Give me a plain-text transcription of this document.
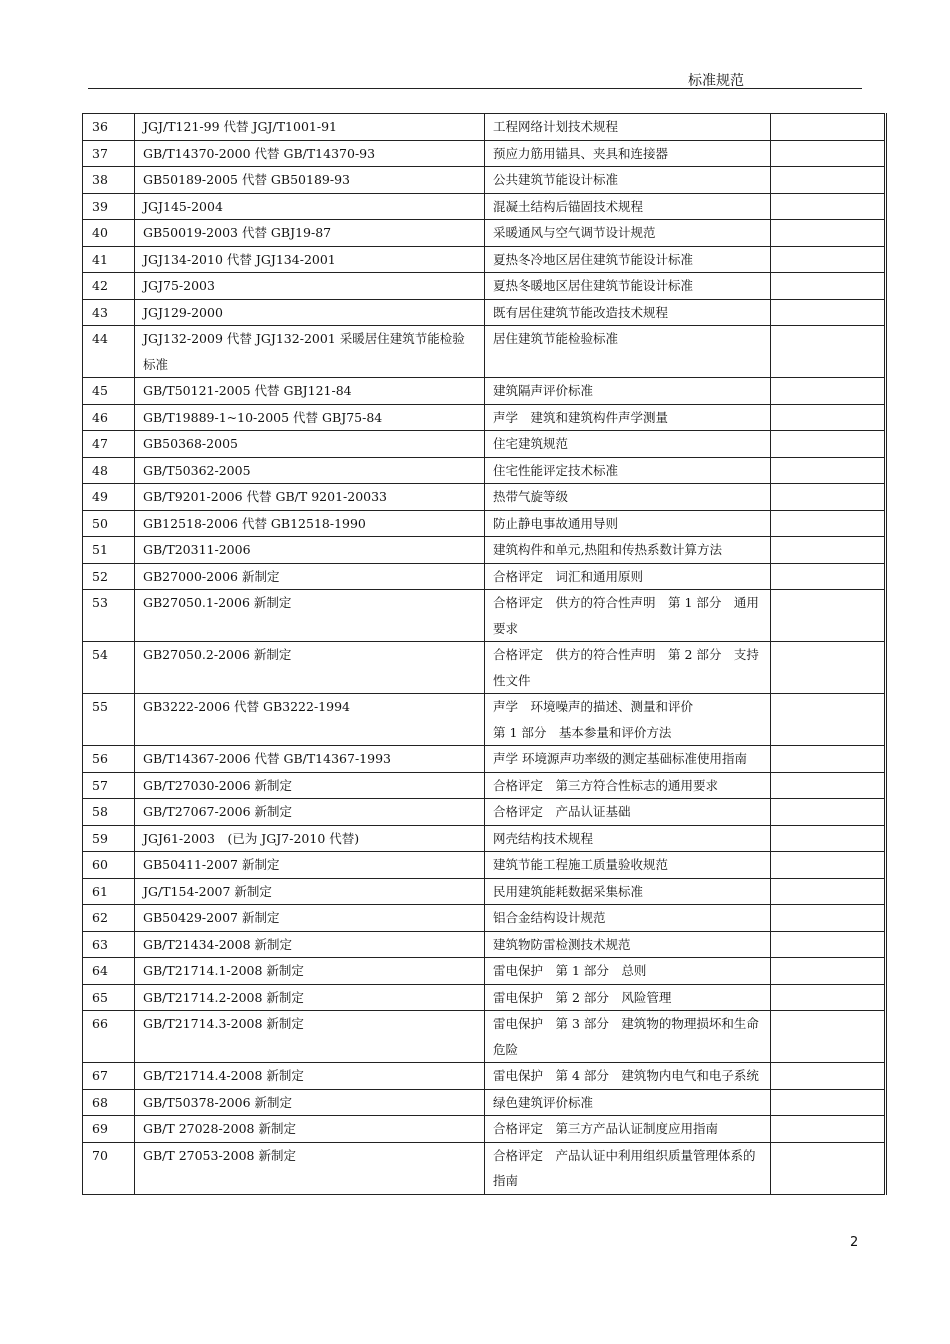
标准规范
36	JGJ/T121-99 代替 JGJ/T1001-91	工程网络计划技术规程	

37	GB/T14370-2000 代替 GB/T14370-93	预应力筋用锚具、夹具和连接器	

38	GB50189-2005 代替 GB50189-93	公共建筑节能设计标准	

39	JGJ145-2004	混凝土结构后锚固技术规程	

40	GB50019-2003 代替 GBJ19-87	采暖通风与空气调节设计规范	

41	JGJ134-2010 代替 JGJ134-2001	夏热冬冷地区居住建筑节能设计标准	

42	JGJ75-2003	夏热冬暖地区居住建筑节能设计标准	

43	JGJ129-2000	既有居住建筑节能改造技术规程	

44	JGJ132-2009 代替 JGJ132-2001 采暖居住建筑节能检验标准	居住建筑节能检验标准	

45	GB/T50121-2005 代替 GBJ121-84	建筑隔声评价标准	

46	GB/T19889-1~10-2005 代替 GBJ75-84	声学　建筑和建筑构件声学测量	

47	GB50368-2005	住宅建筑规范	

48	GB/T50362-2005	住宅性能评定技术标准	

49	GB/T9201-2006 代替 GB/T 9201-20033	热带气旋等级	

50	GB12518-2006 代替 GB12518-1990	防止静电事故通用导则	

51	GB/T20311-2006	建筑构件和单元,热阻和传热系数计算方法	

52	GB27000-2006 新制定	合格评定　词汇和通用原则	

53	GB27050.1-2006 新制定	合格评定　供方的符合性声明　第 1 部分　通用要求	

54	GB27050.2-2006 新制定	合格评定　供方的符合性声明　第 2 部分　支持性文件	

55	GB3222-2006 代替 GB3222-1994	声学　环境噪声的描述、测量和评价
第 1 部分　基本参量和评价方法	

56	GB/T14367-2006 代替 GB/T14367-1993	声学 环境源声功率级的测定基础标准使用指南	

57	GB/T27030-2006 新制定	合格评定　第三方符合性标志的通用要求	

58	GB/T27067-2006 新制定	合格评定　产品认证基础	

59	JGJ61-2003　(已为 JGJ7-2010 代替)	网壳结构技术规程	

60	GB50411-2007 新制定	建筑节能工程施工质量验收规范	

61	JG/T154-2007 新制定	民用建筑能耗数据采集标准	

62	GB50429-2007 新制定	铝合金结构设计规范	

63	GB/T21434-2008 新制定	建筑物防雷检测技术规范	

64	GB/T21714.1-2008 新制定	雷电保护　第 1 部分　总则	

65	GB/T21714.2-2008 新制定	雷电保护　第 2 部分　风险管理	

66	GB/T21714.3-2008 新制定	雷电保护　第 3 部分　建筑物的物理损坏和生命危险	

67	GB/T21714.4-2008 新制定	雷电保护　第 4 部分　建筑物内电气和电子系统	

68	GB/T50378-2006 新制定	绿色建筑评价标准	

69	GB/T 27028-2008 新制定	合格评定　第三方产品认证制度应用指南	

70	GB/T 27053-2008 新制定	合格评定　产品认证中利用组织质量管理体系的指南	

2
